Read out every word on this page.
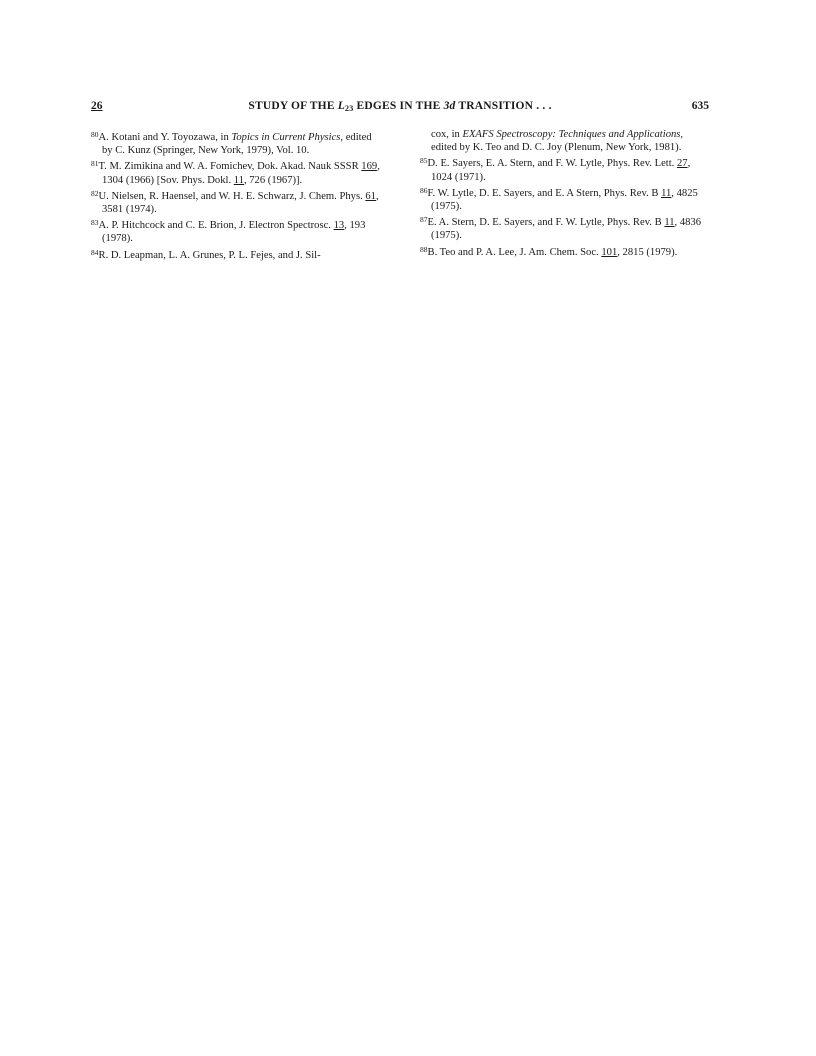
26	STUDY OF THE $L_{23}$ EDGES IN THE 3d TRANSITION . . .	635

$^{80}$A. Kotani and Y. Toyozawa, in Topics in Current Physics, edited by C. Kunz (Springer, New York, 1979), Vol. 10.

$^{81}$T. M. Zimikina and W. A. Fomichev, Dok. Akad. Nauk SSSR 169, 1304 (1966) [Sov. Phys. Dokl. 11, 726 (1967)].

$^{82}$U. Nielsen, R. Haensel, and W. H. E. Schwarz, J. Chem. Phys. 61, 3581 (1974).

$^{83}$A. P. Hitchcock and C. E. Brion, J. Electron Spectrosc. 13, 193 (1978).

$^{84}$R. D. Leapman, L. A. Grunes, P. L. Fejes, and J. Sil-

cox, in EXAFS Spectroscopy: Techniques and Applications, edited by K. Teo and D. C. Joy (Plenum, New York, 1981).

$^{85}$D. E. Sayers, E. A. Stern, and F. W. Lytle, Phys. Rev. Lett. 27, 1024 (1971).

$^{86}$F. W. Lytle, D. E. Sayers, and E. A Stern, Phys. Rev. B 11, 4825 (1975).

$^{87}$E. A. Stern, D. E. Sayers, and F. W. Lytle, Phys. Rev. B 11, 4836 (1975).

$^{88}$B. Teo and P. A. Lee, J. Am. Chem. Soc. 101, 2815 (1979).
